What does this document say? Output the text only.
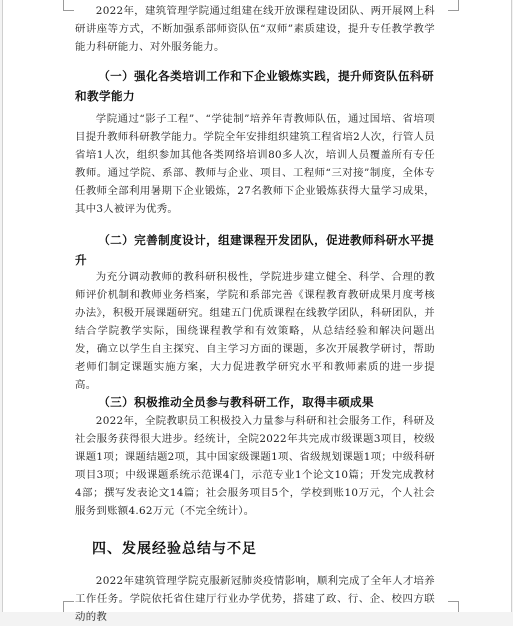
2022年，建筑管理学院通过组建在线开放课程建设团队、两开展网上科研讲座等方式，不断加强系部师资队伍“双师”素质建设，提升专任教学教学能力科研能力、对外服务能力。

（一）强化各类培训工作和下企业锻炼实践，提升师资队伍科研和教学能力

学院通过“影子工程”、“学徒制”培养年青教师队伍，通过国培、省培项目提升教师科研教学能力。学院全年安排组织建筑工程省培2人次，行管人员省培1人次，组织参加其他各类网络培训80多人次，培训人员覆盖所有专任教师。通过学院、系部、教师与企业、项目、工程师“三对接”制度，全体专任教师全部利用暑期下企业锻炼，27名教师下企业锻炼获得大量学习成果，其中3人被评为优秀。

（二）完善制度设计，组建课程开发团队，促进教师科研水平提升

为充分调动教师的教科研积极性，学院进步建立健全、科学、合理的教师评价机制和教师业务档案，学院和系部完善《课程教育教研成果月度考核办法》，积极开展课题研究。组建五门优质课程在线教学团队，科研团队，并结合学院教学实际，围绕课程教学和有效策略，从总结经验和解决问题出发，确立以学生自主探究、自主学习方面的课题，多次开展教学研讨，帮助老师们制定课题实施方案，大力促进教学研究水平和教师素质的进一步提高。

（三）积极推动全员参与教科研工作，取得丰硕成果

2022年，全院教职员工积极投入力量参与科研和社会服务工作，科研及社会服务获得很大进步。经统计，全院2022年共完成市级课题3项目，校级课题1项；课题结题2项，其中国家级课题1项、省级规划课题1项；中级科研项目3项；中级课题系统示范课4门，示范专业1个论文10篇；开发完成教材4部；撰写发表论文14篇；社会服务项目5个，学校到账10万元，个人社会服务到账额4.62万元（不完全统计）。

四、发展经验总结与不足

2022年建筑管理学院克服新冠肺炎疫情影响，顺利完成了全年人才培养工作任务。学院依托省住建厅行业办学优势，搭建了政、行、企、校四方联动的教
